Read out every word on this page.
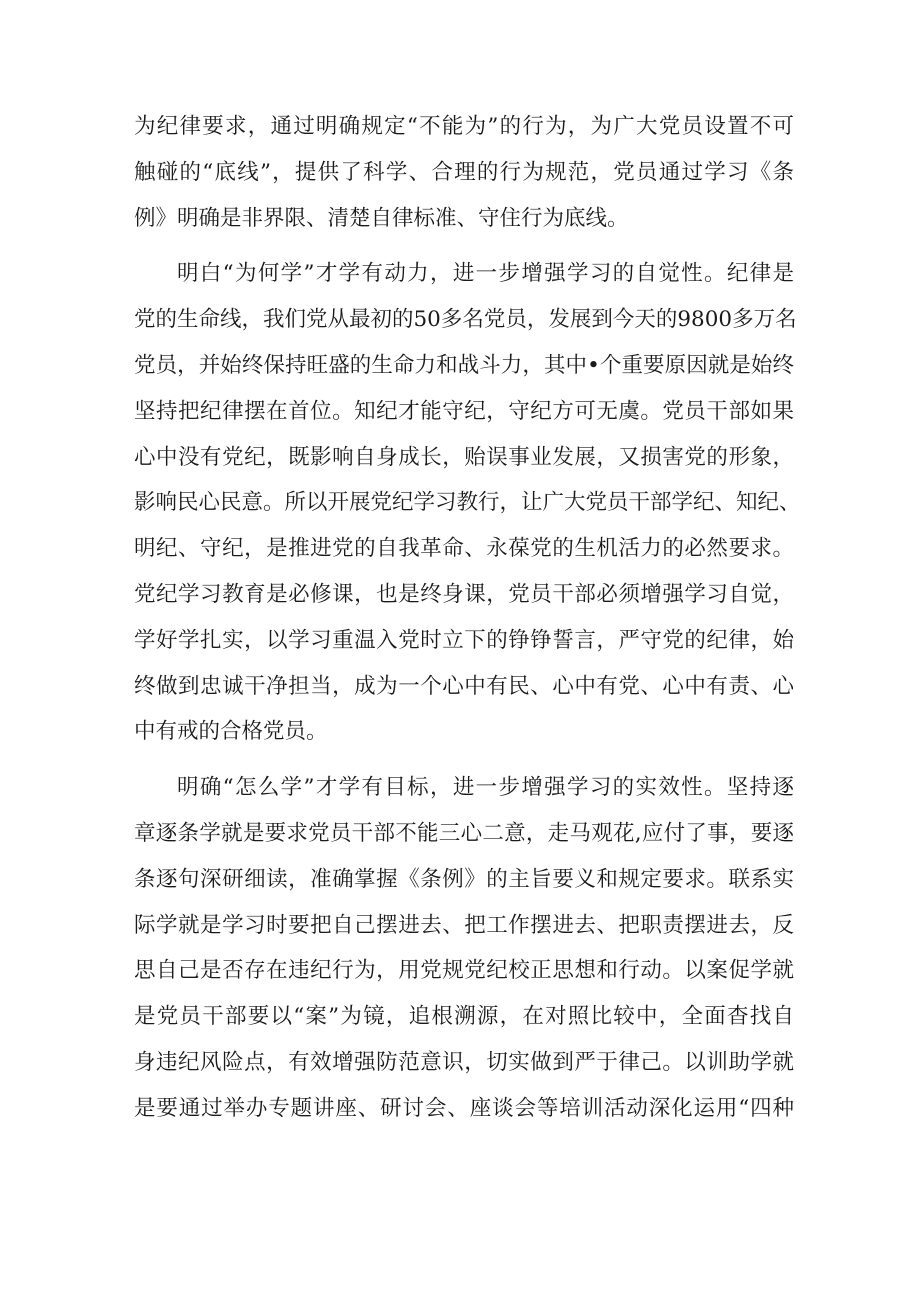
为纪律要求，通过明确规定“不能为”的行为，为广大党员设置不可
触碰的“底线”，提供了科学、合理的行为规范，党员通过学习《条
例》明确是非界限、清楚自律标准、守住行为底线。
明白“为何学”才学有动力，进一步增强学习的自觉性。纪律是
党的生命线，我们党从最初的50多名党员，发展到今天的9800多万名
党员，并始终保持旺盛的生命力和战斗力，其中•个重要原因就是始终
坚持把纪律摆在首位。知纪才能守纪，守纪方可无虞。党员干部如果
心中没有党纪，既影响自身成长，贻误事业发展，又损害党的形象，
影响民心民意。所以开展党纪学习教行，让广大党员干部学纪、知纪、
明纪、守纪，是推进党的自我革命、永葆党的生机活力的必然要求。
党纪学习教育是必修课，也是终身课，党员干部必须增强学习自觉，
学好学扎实，以学习重温入党时立下的铮铮誓言，严守党的纪律，始
终做到忠诚干净担当，成为一个心中有民、心中有党、心中有责、心
中有戒的合格党员。
明确“怎么学”才学有目标，进一步增强学习的实效性。坚持逐
章逐条学就是要求党员干部不能三心二意，走马观花,应付了事，要逐
条逐句深研细读，准确掌握《条例》的主旨要义和规定要求。联系实
际学就是学习时要把自己摆进去、把工作摆进去、把职责摆进去，反
思自己是否存在违纪行为，用党规党纪校正思想和行动。以案促学就
是党员干部要以“案”为镜，追根溯源，在对照比较中，全面杳找自
身违纪风险点，有效增强防范意识，切实做到严于律己。以训助学就
是要通过举办专题讲座、研讨会、座谈会等培训活动深化运用“四种
